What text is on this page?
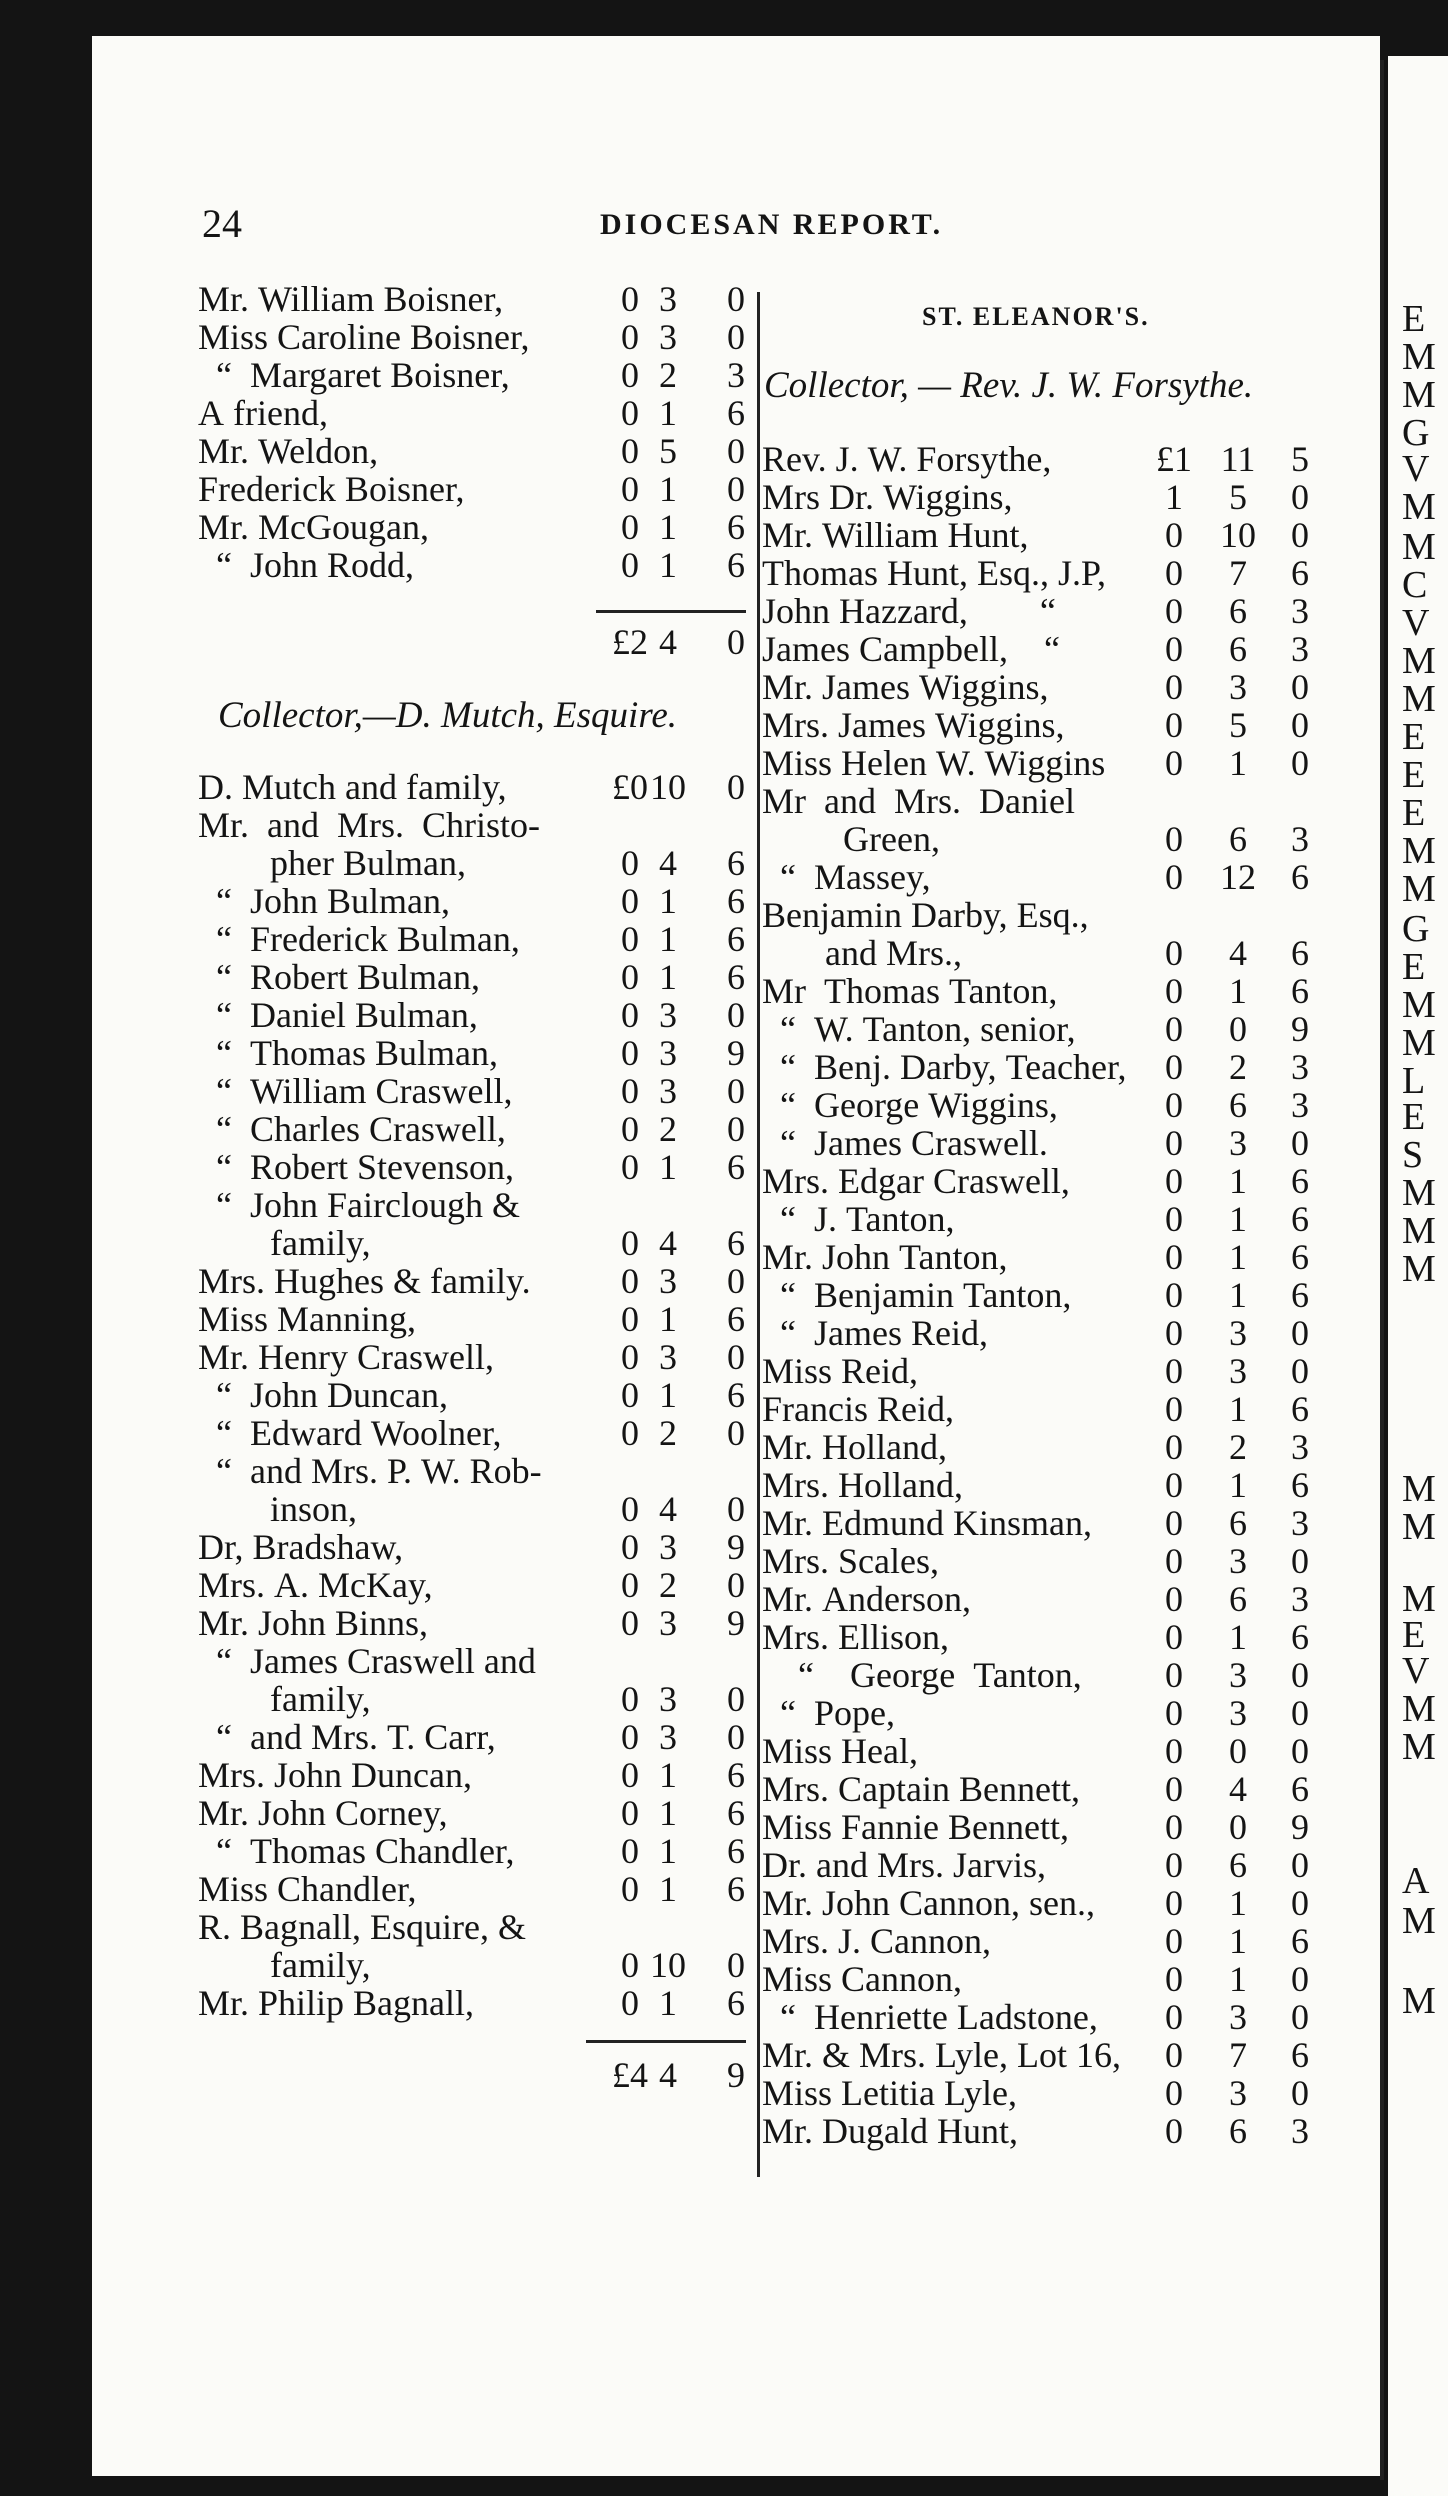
E
M
M
G
V
M
M
C
V
M
M
E
E
E
M
M
G
E
M
M
L
E
S
M
M
M
M
M
M
E
V
M
M
A
M
M
24	DIOCESAN REPORT.
Mr. William Boisner,	0 3	0
Miss Caroline Boisner,	0 3	0
“  Margaret Boisner,	0 2	3
A friend,	0 1	6
Mr. Weldon,	0 5	0
Frederick Boisner,	0 1	0
Mr. McGougan,	0 1	6
“  John Rodd,	0 1	6
£2 4	0
Collector,—D. Mutch, Esquire.
D. Mutch and family,	£0 10	0
Mr.  and  Mrs.  Christo-
pher Bulman,	0 4	6
“  John Bulman,	0 1	6
“  Frederick Bulman,	0 1	6
“  Robert Bulman,	0 1	6
“  Daniel Bulman,	0 3	0
“  Thomas Bulman,	0 3	9
“  William Craswell,	0 3	0
“  Charles Craswell,	0 2	0
“  Robert Stevenson,	0 1	6
“  John Fairclough &
family,	0 4	6
Mrs. Hughes & family.	0 3	0
Miss Manning,	0 1	6
Mr. Henry Craswell,	0 3	0
“  John Duncan,	0 1	6
“  Edward Woolner,	0 2	0
“  and Mrs. P. W. Rob-
inson,	0 4	0
Dr, Bradshaw,	0 3	9
Mrs. A. McKay,	0 2	0
Mr. John Binns,	0 3	9
“  James Craswell and
family,	0 3	0
“  and Mrs. T. Carr,	0 3	0
Mrs. John Duncan,	0 1	6
Mr. John Corney,	0 1	6
“  Thomas Chandler,	0 1	6
Miss Chandler,	0 1	6
R. Bagnall, Esquire, &
family,	0 10	0
Mr. Philip Bagnall,	0 1	6
£4 4	9
Collector, — Rev. J. W. Forsythe.
Rev. J. W. Forsythe,	£1 11 5
Mrs Dr. Wiggins,	1	5	0
Mr. William Hunt,	0	10 0
Thomas Hunt, Esq., J.P,	0	7	6
John Hazzard,        “	0	6	3
James Campbell,    “	0	6	3
Mr. James Wiggins,	0	3	0
Mrs. James Wiggins,	0	5	0
Miss Helen W. Wiggins	0	1	0
Mr  and  Mrs.  Daniel
Green,	0	6	3
“  Massey,	0	12 6
Benjamin Darby, Esq.,
and Mrs.,	0	4	6
Mr  Thomas Tanton,	0	1	6
“  W. Tanton, senior,	0	0	9
“  Benj. Darby, Teacher,	0	2	3
“  George Wiggins,	0	6	3
“  James Craswell.	0	3	0
Mrs. Edgar Craswell,	0	1	6
“  J. Tanton,	0	1	6
Mr. John Tanton,	0	1	6
“  Benjamin Tanton,	0	1	6
“  James Reid,	0	3	0
Miss Reid,	0	3	0
Francis Reid,	0	1	6
Mr. Holland,	0	2	3
Mrs. Holland,	0	1	6
Mr. Edmund Kinsman,	0	6	3
Mrs. Scales,	0	3	0
Mr. Anderson,	0	6	3
Mrs. Ellison,	0	1	6
“    George  Tanton,	0	3	0
“  Pope,	0	3	0
Miss Heal,	0	0	0
Mrs. Captain Bennett,	0	4	6
Miss Fannie Bennett,	0	0	9
Dr. and Mrs. Jarvis,	0	6	0
Mr. John Cannon, sen.,	0	1	0
Mrs. J. Cannon,	0	1	6
Miss Cannon,	0	1	0
“  Henriette Ladstone,	0	3	0
Mr. & Mrs. Lyle, Lot 16,	0	7	6
Miss Letitia Lyle,	0	3	0
Mr. Dugald Hunt,	0	6	3
ST. ELEANOR'S.
